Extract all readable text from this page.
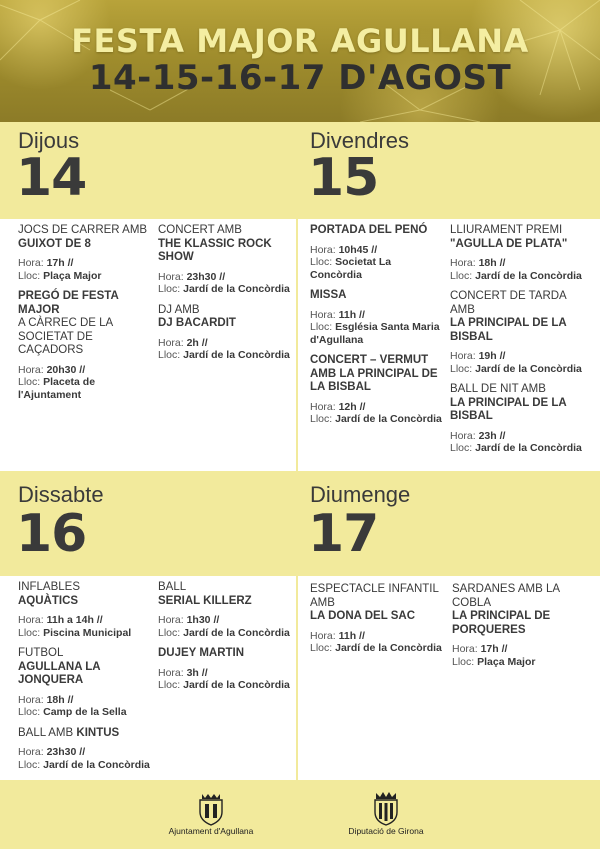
FESTA MAJOR AGULLANA
14-15-16-17 D'AGOST
Dijous
14
Divendres
15
Dissabte
16
Diumenge
17
JOCS DE CARRER AMB
GUIXOT DE 8
Hora: 17h //
Lloc: Plaça Major
PREGÓ DE FESTA MAJOR
A CÀRREC DE LA SOCIETAT DE CAÇADORS
Hora: 20h30 //
Lloc: Placeta de l'Ajuntament
CONCERT AMB
THE KLASSIC ROCK SHOW
Hora: 23h30 //
Lloc: Jardí de la Concòrdia
DJ AMB
DJ BACARDIT
Hora: 2h //
Lloc: Jardí de la Concòrdia
PORTADA DEL PENÓ
Hora: 10h45 //
Lloc: Societat La Concòrdia
MISSA
Hora: 11h //
Lloc: Església Santa Maria d'Agullana
CONCERT – VERMUT AMB LA PRINCIPAL DE LA BISBAL
Hora: 12h //
Lloc: Jardí de la Concòrdia
LLIURAMENT PREMI
"AGULLA DE PLATA"
Hora: 18h //
Lloc: Jardí de la Concòrdia
CONCERT DE TARDA AMB
LA PRINCIPAL DE LA BISBAL
Hora: 19h //
Lloc: Jardí de la Concòrdia
BALL DE NIT AMB
LA PRINCIPAL DE LA BISBAL
Hora: 23h //
Lloc: Jardí de la Concòrdia
INFLABLES
AQUÀTICS
Hora: 11h a 14h //
Lloc: Piscina Municipal
FUTBOL
AGULLANA LA JONQUERA
Hora: 18h //
Lloc: Camp de la Sella
BALL AMB KINTUS
Hora: 23h30 //
Lloc: Jardí de la Concòrdia
BALL
SERIAL KILLERZ
Hora: 1h30 //
Lloc: Jardí de la Concòrdia
DUJEY MARTIN
Hora: 3h //
Lloc: Jardí de la Concòrdia
ESPECTACLE INFANTIL AMB
LA DONA DEL SAC
Hora: 11h //
Lloc: Jardí de la Concòrdia
SARDANES AMB LA COBLA
LA PRINCIPAL DE PORQUERES
Hora: 17h //
Lloc: Plaça Major
Ajuntament d'Agullana	Diputació de Girona
